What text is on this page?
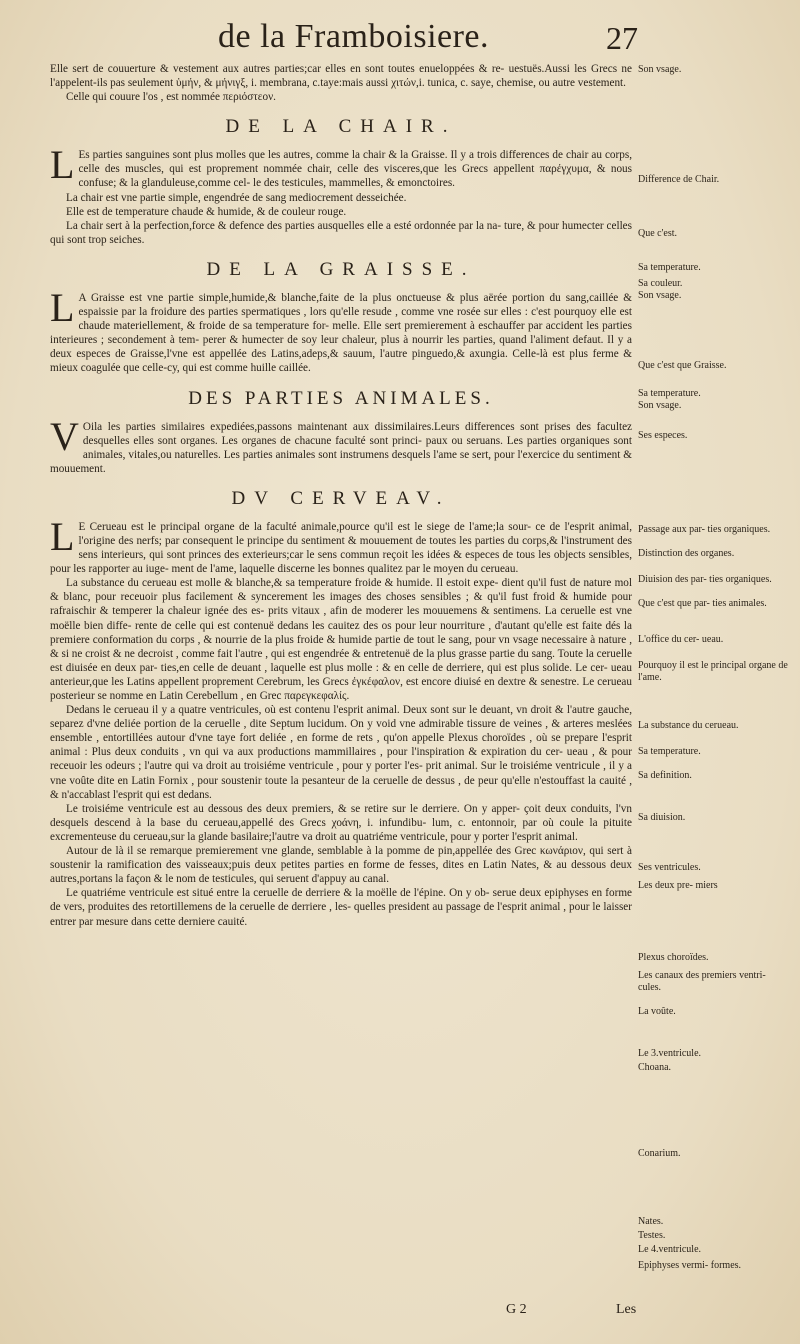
de la Framboisiere.	27

Elle sert de couuerture & vestement aux autres parties;car elles en sont toutes enueloppées & re- uestuës.Aussi les Grecs ne l'appelent-ils pas seulement ὑμήν, & μήνιγξ, i. membrana, c.taye:mais aussi χιτών,i. tunica, c. saye, chemise, ou autre vestement.

Celle qui couure l'os , est nommée περιόστεον.

DE LA CHAIR.

L Es parties sanguines sont plus molles que les autres, comme la chair & la Graisse. Il y a trois differences de chair au corps, celle des muscles, qui est proprement nommée chair, celle des visceres,que les Grecs appellent παρέγχυμα, & nous confuse; & la glanduleuse,comme cel- le des testicules, mammelles, & emonctoires.

La chair est vne partie simple, engendrée de sang mediocrement desseichée.

Elle est de temperature chaude & humide, & de couleur rouge.

La chair sert à la perfection,force & defence des parties ausquelles elle a esté ordonnée par la na- ture, & pour humecter celles qui sont trop seiches.

DE LA GRAISSE.

L A Graisse est vne partie simple,humide,& blanche,faite de la plus onctueuse & plus aërée portion du sang,caillée & espaissie par la froidure des parties spermatiques , lors qu'elle resude , comme vne rosée sur elles : c'est pourquoy elle est chaude materiellement, & froide de sa temperature for- melle. Elle sert premierement à eschauffer par accident les parties interieures ; secondement à tem- perer & humecter de soy leur chaleur, plus à nourrir les parties, quand l'aliment defaut. Il y a deux especes de Graisse,l'vne est appellée des Latins,adeps,& sauum, l'autre pinguedo,& axungia. Celle-là est plus ferme & mieux coagulée que celle-cy, qui est comme huille caillée.

DES PARTIES ANIMALES.

V Oila les parties similaires expediées,passons maintenant aux dissimilaires.Leurs differences sont prises des facultez desquelles elles sont organes. Les organes de chacune faculté sont princi- paux ou seruans. Les parties organiques sont animales, vitales,ou naturelles. Les parties animales sont instrumens desquels l'ame se sert, pour l'exercice du sentiment & mouuement.

DV CERVEAV.

L E Cerueau est le principal organe de la faculté animale,pource qu'il est le siege de l'ame;la sour- ce de l'esprit animal, l'origine des nerfs; par consequent le principe du sentiment & mouuement de toutes les parties du corps,& l'instrument des sens interieurs, qui sont princes des exterieurs;car le sens commun reçoit les idées & especes de tous les objects sensibles, pour les rapporter au iuge- ment de l'ame, laquelle discerne les bonnes qualitez par le moyen du cerueau.

La substance du cerueau est molle & blanche,& sa temperature froide & humide. Il estoit expe- dient qu'il fust de nature mol & blanc, pour receuoir plus facilement & syncerement les images des choses sensibles ; & qu'il fust froid & humide pour rafraischir & temperer la chaleur ignée des es- prits vitaux , afin de moderer les mouuemens & sentimens. La ceruelle est vne moëlle bien diffe- rente de celle qui est contenuë dedans les cauitez des os pour leur nourriture , d'autant qu'elle est faite dés la premiere conformation du corps , & nourrie de la plus froide & humide partie de tout le sang, pour vn vsage necessaire à nature , & si ne croist & ne decroist , comme fait l'autre , qui est engendrée & entretenuë de la plus grasse partie du sang. Toute la ceruelle est diuisée en deux par- ties,en celle de deuant , laquelle est plus molle : & en celle de derriere, qui est plus solide. Le cer- ueau anterieur,que les Latins appellent proprement Cerebrum, les Grecs ἐγκέφαλον, est encore diuisé en dextre & senestre. Le cerueau posterieur se nomme en Latin Cerebellum , en Grec παρεγκεφαλίς.

Dedans le cerueau il y a quatre ventricules, où est contenu l'esprit animal. Deux sont sur le deuant, vn droit & l'autre gauche, separez d'vne deliée portion de la ceruelle , dite Septum lucidum. On y void vne admirable tissure de veines , & arteres meslées ensemble , entortillées autour d'vne taye fort deliée , en forme de rets , qu'on appelle Plexus choroïdes , où se prepare l'esprit animal : Plus deux conduits , vn qui va aux productions mammillaires , pour l'inspiration & expiration du cer- ueau , & pour receuoir les odeurs ; l'autre qui va droit au troisiéme ventricule , pour y porter l'es- prit animal. Sur le troisiéme ventricule , il y a vne voûte dite en Latin Fornix , pour soustenir toute la pesanteur de la ceruelle de dessus , de peur qu'elle n'estouffast la cauité , & n'accablast l'esprit qui est dedans.

Le troisiéme ventricule est au dessous des deux premiers, & se retire sur le derriere. On y apper- çoit deux conduits, l'vn desquels descend à la base du cerueau,appellé des Grecs χοάνη, i. infundibu- lum, c. entonnoir, par où coule la pituite excrementeuse du cerueau,sur la glande basilaire;l'autre va droit au quatriéme ventricule, pour y porter l'esprit animal.

Autour de là il se remarque premierement vne glande, semblable à la pomme de pin,appellée des Grec κωνάριον, qui sert à soustenir la ramification des vaisseaux;puis deux petites parties en forme de fesses, dites en Latin Nates, & au dessous deux autres,portans la façon & le nom de testicules, qui seruent d'appuy au canal.

Le quatriéme ventricule est situé entre la ceruelle de derriere & la moëlle de l'épine. On y ob- serue deux epiphyses en forme de vers, produites des retortillemens de la ceruelle de derriere , les- quelles president au passage de l'esprit animal , pour le laisser entrer par mesure dans cette derniere cauité.

Son vsage.
Difference de Chair.
Que c'est.
Sa temperature.
Sa couleur.
Son vsage.
Que c'est que Graisse.
Sa temperature.
Son vsage.
Ses especes.
Passage aux par- ties organiques.
Distinction des organes.
Diuision des par- ties organiques.
Que c'est que par- ties animales.
L'office du cer- ueau.
Pourquoy il est le principal organe de l'ame.
La substance du cerueau.
Sa temperature.
Sa definition.
Sa diuision.
Ses ventricules.
Les deux pre- miers
Plexus choroïdes.
Les canaux des premiers ventri- cules.
La voûte.
Le 3.ventricule.
Choana.
Conarium.
Nates.
Testes.
Le 4.ventricule.
Epiphyses vermi- formes.
G 2	Les
